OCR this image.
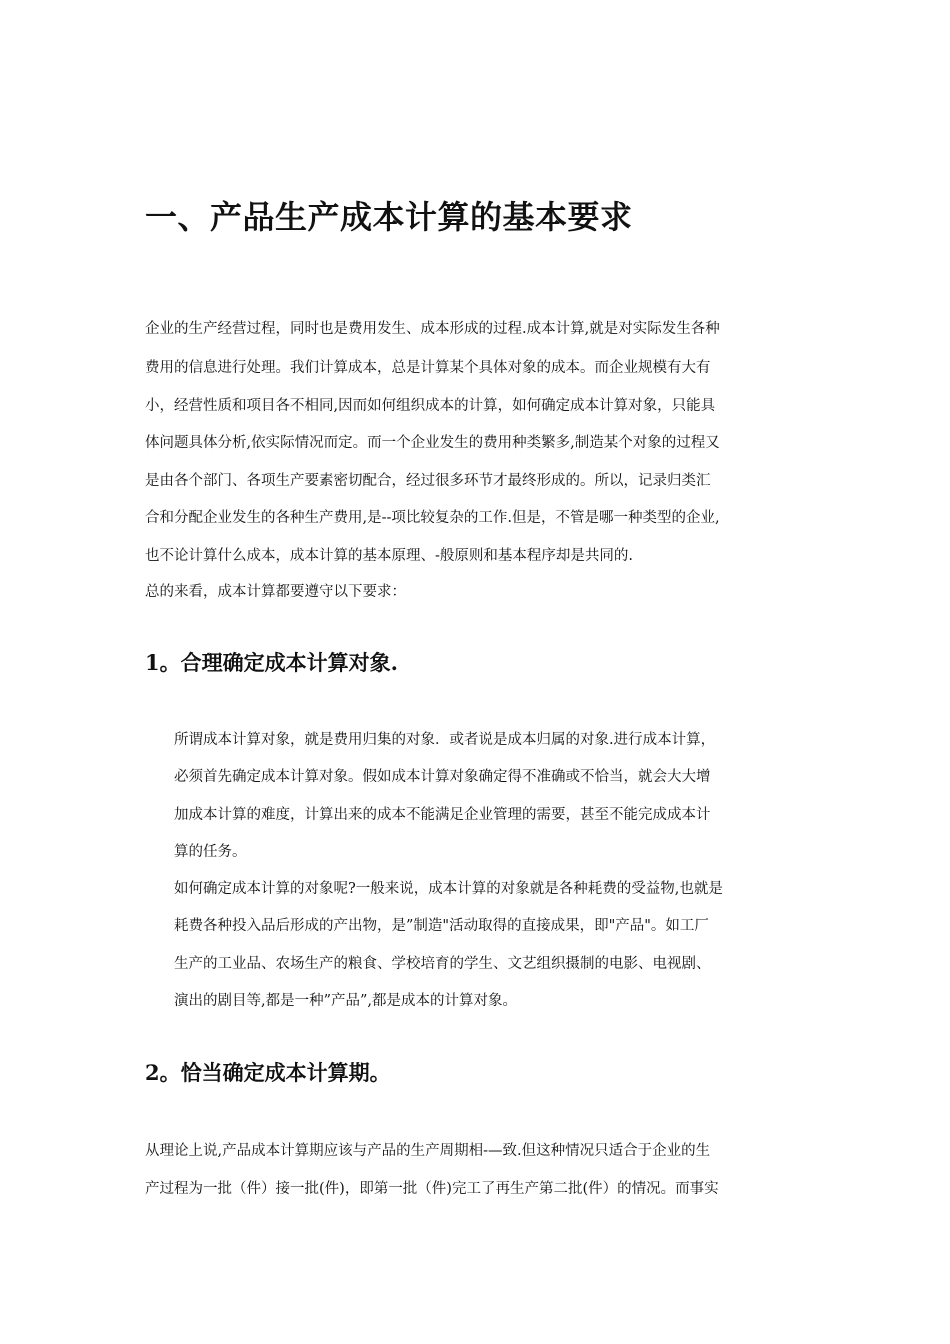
一、产品生产成本计算的基本要求

企业的生产经营过程，同时也是费用发生、成本形成的过程.成本计算,就是对实际发生各种

费用的信息进行处理。我们计算成本，总是计算某个具体对象的成本。而企业规模有大有

小，经营性质和项目各不相同,因而如何组织成本的计算，如何确定成本计算对象，只能具

体问题具体分析,依实际情况而定。而一个企业发生的费用种类繁多,制造某个对象的过程又

是由各个部门、各项生产要素密切配合，经过很多环节才最终形成的。所以，记录归类汇

合和分配企业发生的各种生产费用,是--项比较复杂的工作.但是，不管是哪一种类型的企业,

也不论计算什么成本，成本计算的基本原理、-般原则和基本程序却是共同的.

总的来看，成本计算都要遵守以下要求：

1。合理确定成本计算对象.

所谓成本计算对象，就是费用归集的对象．或者说是成本归属的对象.进行成本计算，

必须首先确定成本计算对象。假如成本计算对象确定得不准确或不恰当，就会大大增

加成本计算的难度，计算出来的成本不能满足企业管理的需要，甚至不能完成成本计

算的任务。

如何确定成本计算的对象呢?一般来说，成本计算的对象就是各种耗费的受益物,也就是

耗费各种投入品后形成的产出物，是”制造"活动取得的直接成果，即"产品"。如工厂

生产的工业品、农场生产的粮食、学校培育的学生、文艺组织摄制的电影、电视剧、

演出的剧目等,都是一种”产品”,都是成本的计算对象。

2。恰当确定成本计算期。

从理论上说,产品成本计算期应该与产品的生产周期相-—致.但这种情况只适合于企业的生

产过程为一批（件）接一批(件)，即第一批（件)完工了再生产第二批(件）的情况。而事实
